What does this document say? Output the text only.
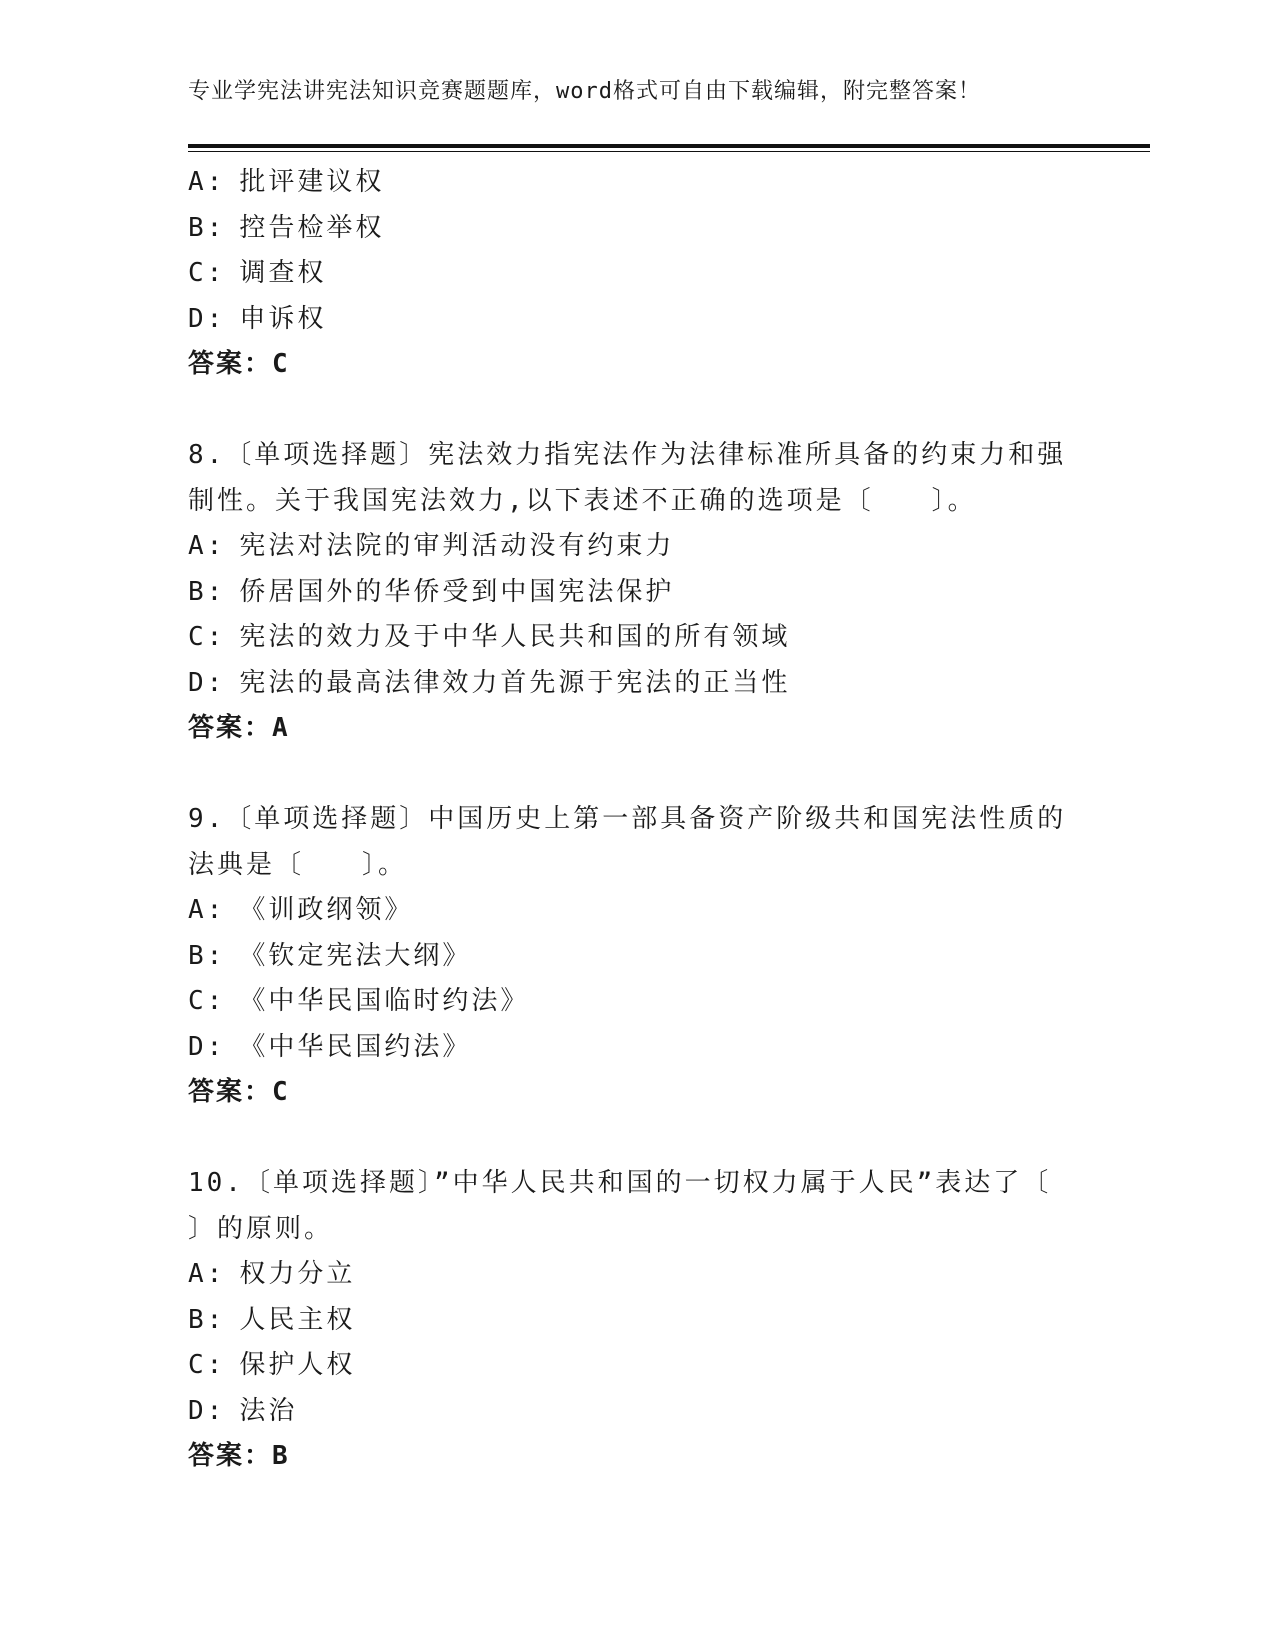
专业学宪法讲宪法知识竞赛题题库，word格式可自由下载编辑，附完整答案！
A: 批评建议权
B: 控告检举权
C: 调查权
D: 申诉权
答案：C
8.〔单项选择题〕宪法效力指宪法作为法律标准所具备的约束力和强
制性。关于我国宪法效力,以下表述不正确的选项是〔　　〕。
A: 宪法对法院的审判活动没有约束力
B: 侨居国外的华侨受到中国宪法保护
C: 宪法的效力及于中华人民共和国的所有领域
D: 宪法的最高法律效力首先源于宪法的正当性
答案：A
9.〔单项选择题〕中国历史上第一部具备资产阶级共和国宪法性质的
法典是〔　　〕。
A: 《训政纲领》
B: 《钦定宪法大纲》
C: 《中华民国临时约法》
D: 《中华民国约法》
答案：C
10.〔单项选择题〕”中华人民共和国的一切权力属于人民”表达了〔
〕的原则。
A: 权力分立
B: 人民主权
C: 保护人权
D: 法治
答案：B
